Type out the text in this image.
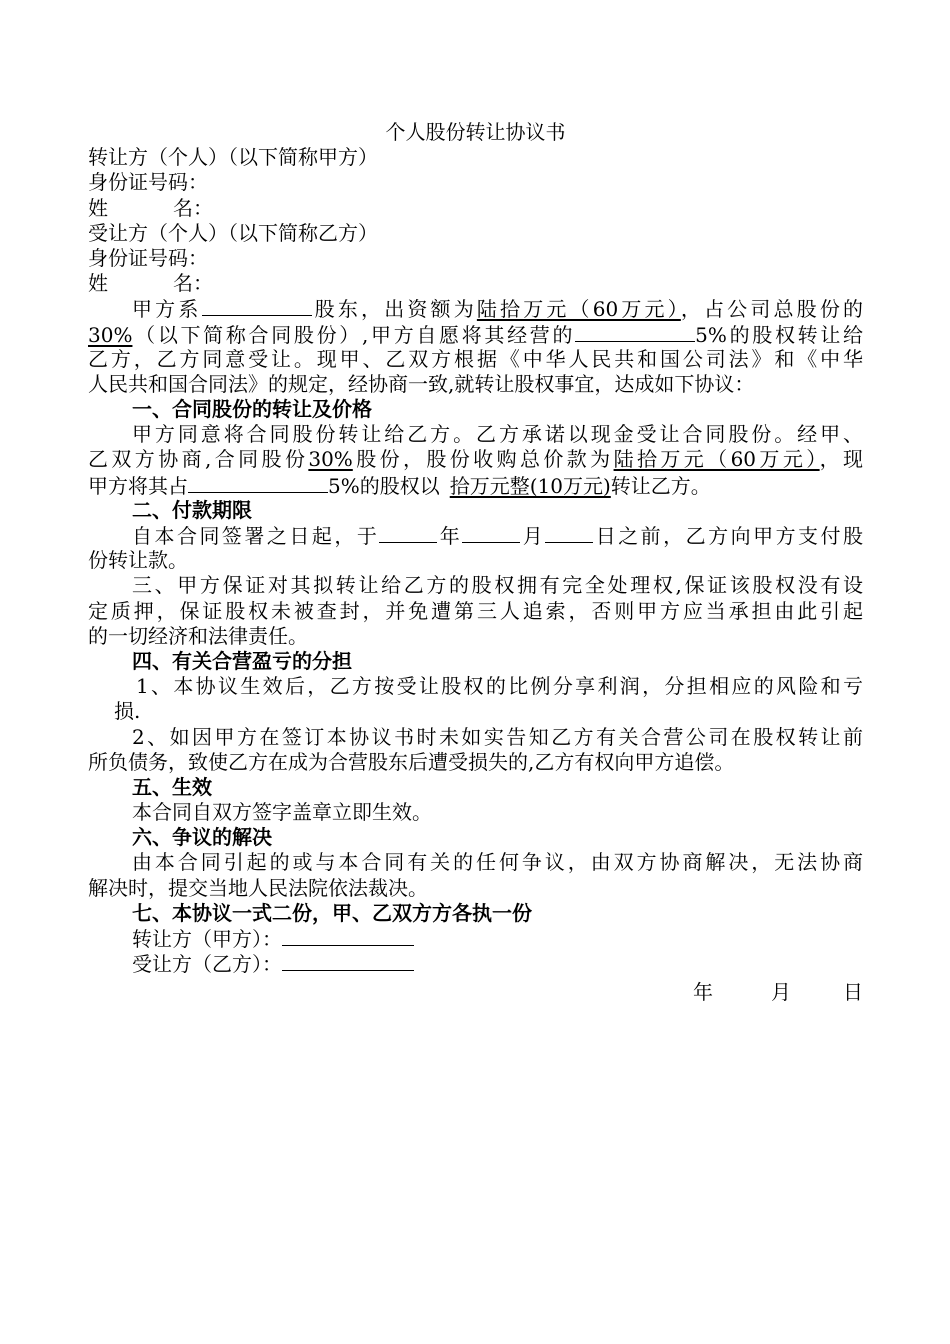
个人股份转让协议书
转让方（个人）（以下简称甲方）
身份证号码：
姓	名：
受让方（个人）（以下简称乙方）
身份证号码：
姓	名：
甲方系	股东，出资额为陆拾万元（60万元），占公司总股份的
30%（以下简称合同股份）,甲方自愿将其经营的	5%的股权转让给
乙方，乙方同意受让。现甲、乙双方根据《中华人民共和国公司法》和《中华
人民共和国合同法》的规定，经协商一致,就转让股权事宜，达成如下协议：
一、合同股份的转让及价格
甲方同意将合同股份转让给乙方。乙方承诺以现金受让合同股份。经甲、
乙双方协商,合同股份30%股份，股份收购总价款为陆拾万元（60万元），现
甲方将其占	5%的股权以 拾万元整(10万元)转让乙方。
二、付款期限
自本合同签署之日起，于	年	月 日之前，乙方向甲方支付股
份转让款。
三、甲方保证对其拟转让给乙方的股权拥有完全处理权,保证该股权没有设
定质押，保证股权未被查封，并免遭第三人追索，否则甲方应当承担由此引起
的一切经济和法律责任。
四、有关合营盈亏的分担
1、本协议生效后，乙方按受让股权的比例分享利润，分担相应的风险和亏
损.
2、如因甲方在签订本协议书时未如实告知乙方有关合营公司在股权转让前
所负债务，致使乙方在成为合营股东后遭受损失的,乙方有权向甲方追偿。
五、生效
本合同自双方签字盖章立即生效。
六、争议的解决
由本合同引起的或与本合同有关的任何争议，由双方协商解决，无法协商
解决时，提交当地人民法院依法裁决。
七、本协议一式二份，甲、乙双方方各执一份
转让方（甲方）：
受让方（乙方）：
年	月	日
